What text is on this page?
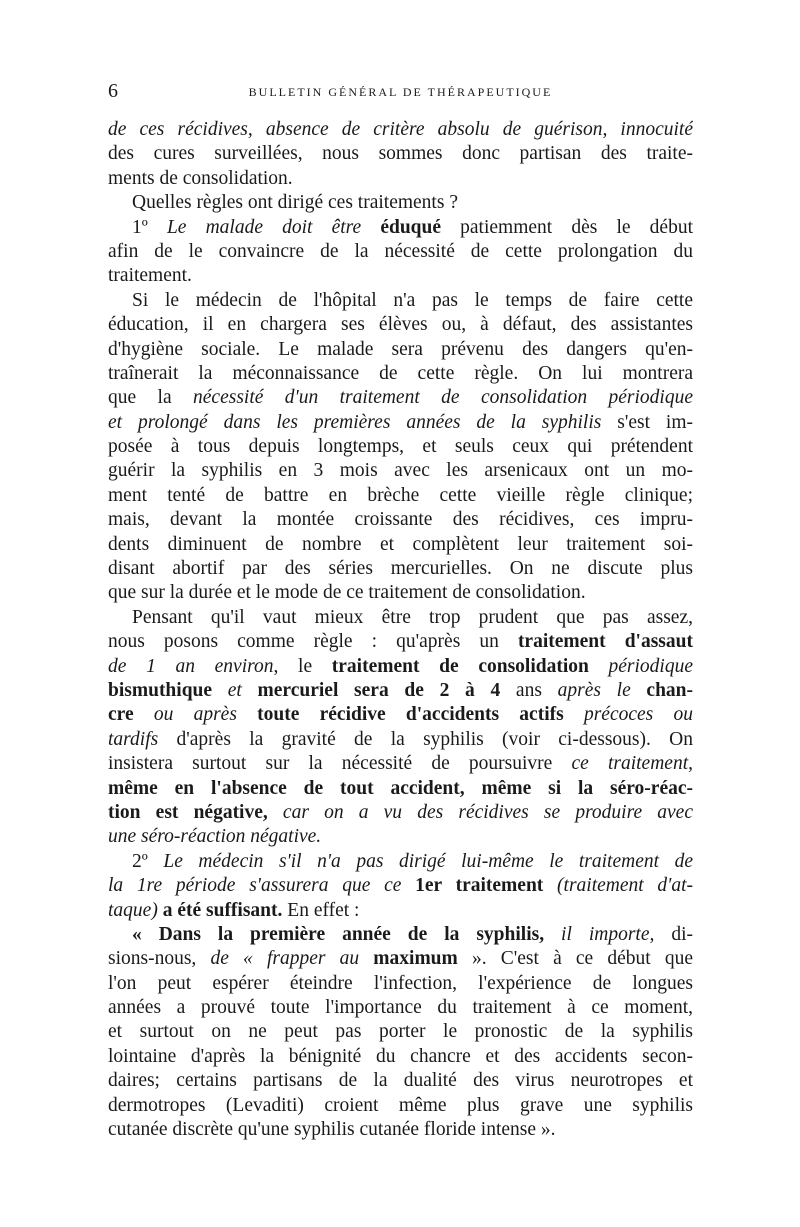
6	BULLETIN GÉNÉRAL DE THÉRAPEUTIQUE
de ces récidives, absence de critère absolu de guérison, innocuité
des cures surveillées, nous sommes donc partisan des traite-
ments de consolidation.
Quelles règles ont dirigé ces traitements ?
1º Le malade doit être éduqué patiemment dès le début
afin de le convaincre de la nécessité de cette prolongation du
traitement.
Si le médecin de l'hôpital n'a pas le temps de faire cette
éducation, il en chargera ses élèves ou, à défaut, des assistantes
d'hygiène sociale. Le malade sera prévenu des dangers qu'en-
traînerait la méconnaissance de cette règle. On lui montrera
que la nécessité d'un traitement de consolidation périodique
et prolongé dans les premières années de la syphilis s'est im-
posée à tous depuis longtemps, et seuls ceux qui prétendent
guérir la syphilis en 3 mois avec les arsenicaux ont un mo-
ment tenté de battre en brèche cette vieille règle clinique;
mais, devant la montée croissante des récidives, ces impru-
dents diminuent de nombre et complètent leur traitement soi-
disant abortif par des séries mercurielles. On ne discute plus
que sur la durée et le mode de ce traitement de consolidation.
Pensant qu'il vaut mieux être trop prudent que pas assez,
nous posons comme règle : qu'après un traitement d'assaut
de 1 an environ, le traitement de consolidation périodique
bismuthique et mercuriel sera de 2 à 4 ans après le chan-
cre ou après toute récidive d'accidents actifs précoces ou
tardifs d'après la gravité de la syphilis (voir ci-dessous). On
insistera surtout sur la nécessité de poursuivre ce traitement,
même en l'absence de tout accident, même si la séro-réac-
tion est négative, car on a vu des récidives se produire avec
une séro-réaction négative.
2º Le médecin s'il n'a pas dirigé lui-même le traitement de
la 1re période s'assurera que ce 1er traitement (traitement d'at-
taque) a été suffisant. En effet :
« Dans la première année de la syphilis, il importe, di-
sions-nous, de « frapper au maximum ». C'est à ce début que
l'on peut espérer éteindre l'infection, l'expérience de longues
années a prouvé toute l'importance du traitement à ce moment,
et surtout on ne peut pas porter le pronostic de la syphilis
lointaine d'après la bénignité du chancre et des accidents secon-
daires; certains partisans de la dualité des virus neurotropes et
dermotropes (Levaditi) croient même plus grave une syphilis
cutanée discrète qu'une syphilis cutanée floride intense ».
